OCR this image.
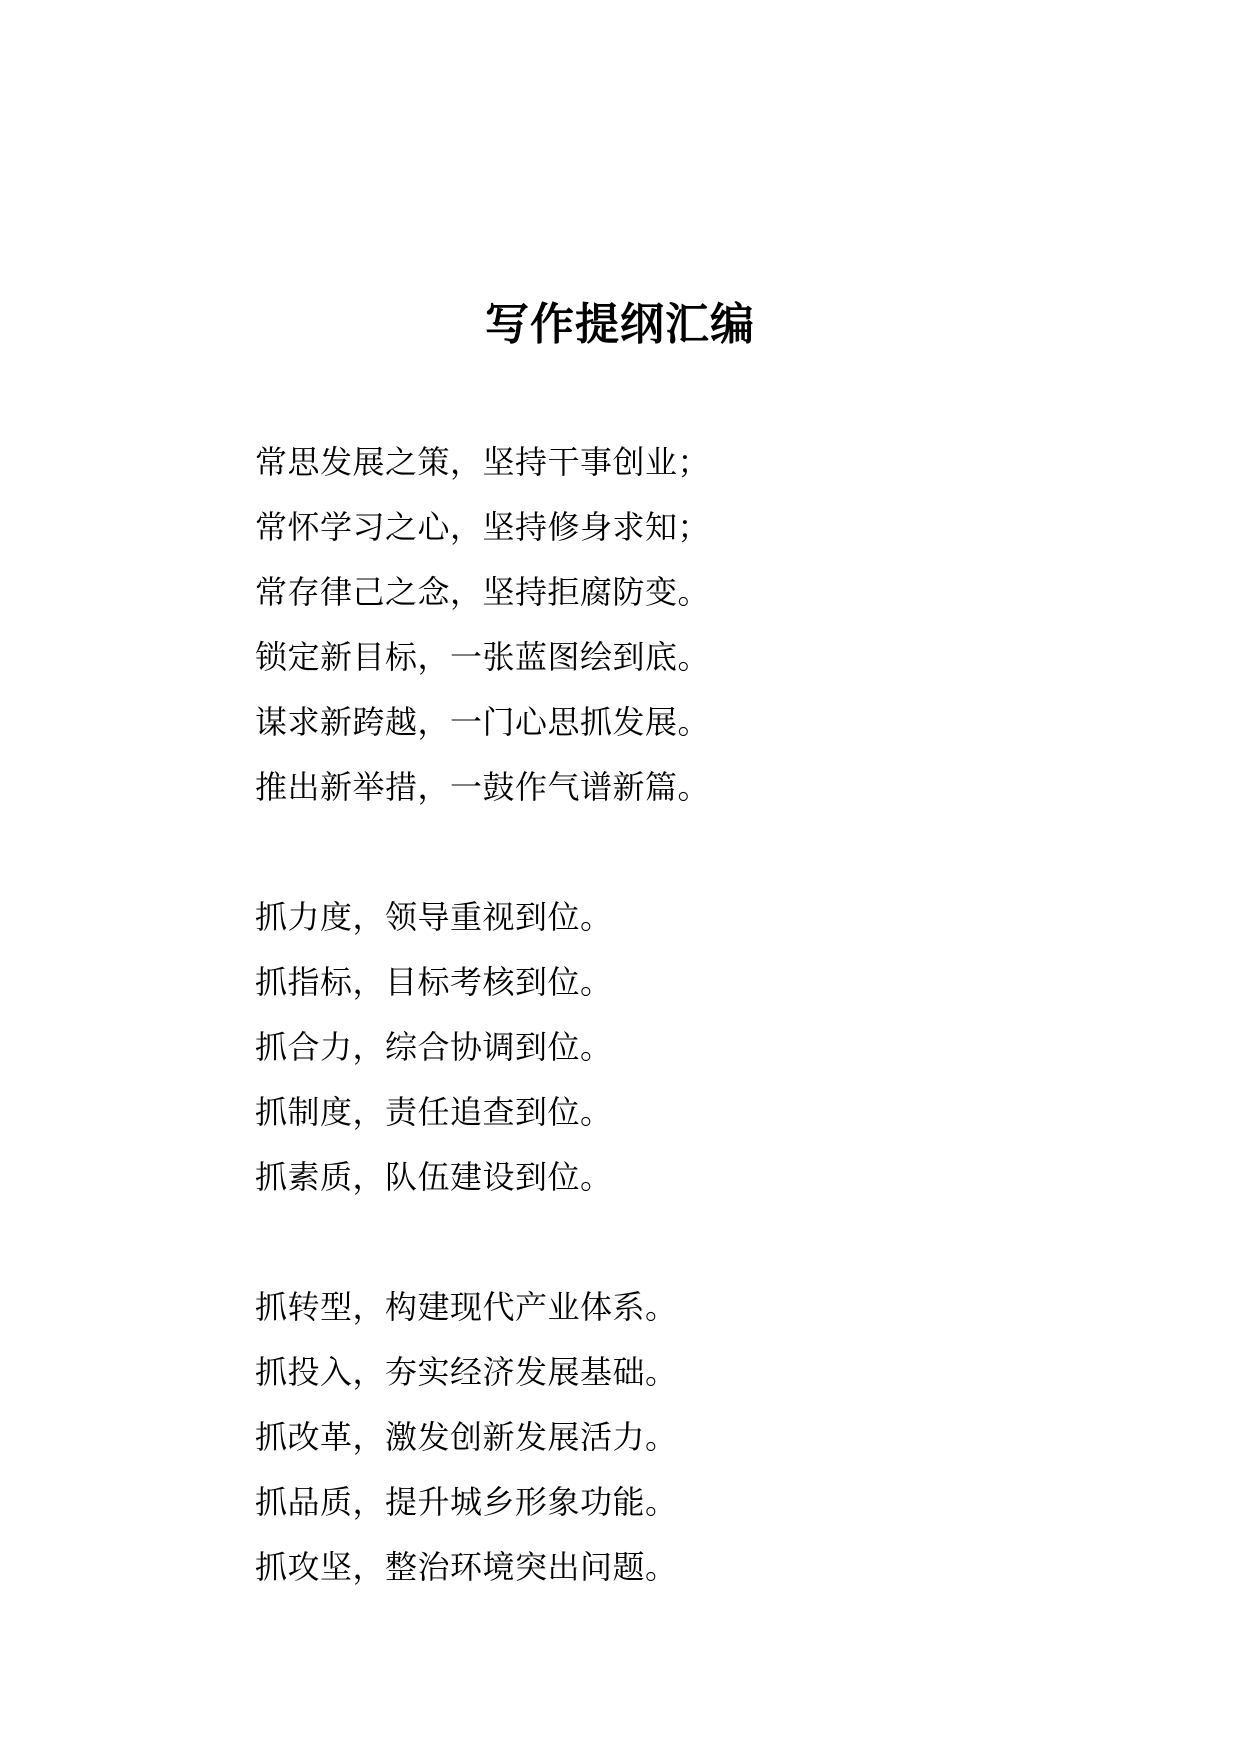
写作提纲汇编
常思发展之策，坚持干事创业；
常怀学习之心，坚持修身求知；
常存律己之念，坚持拒腐防变。
锁定新目标，一张蓝图绘到底。
谋求新跨越，一门心思抓发展。
推出新举措，一鼓作气谱新篇。
抓力度，领导重视到位。
抓指标，目标考核到位。
抓合力，综合协调到位。
抓制度，责任追查到位。
抓素质，队伍建设到位。
抓转型，构建现代产业体系。
抓投入，夯实经济发展基础。
抓改革，激发创新发展活力。
抓品质，提升城乡形象功能。
抓攻坚，整治环境突出问题。
